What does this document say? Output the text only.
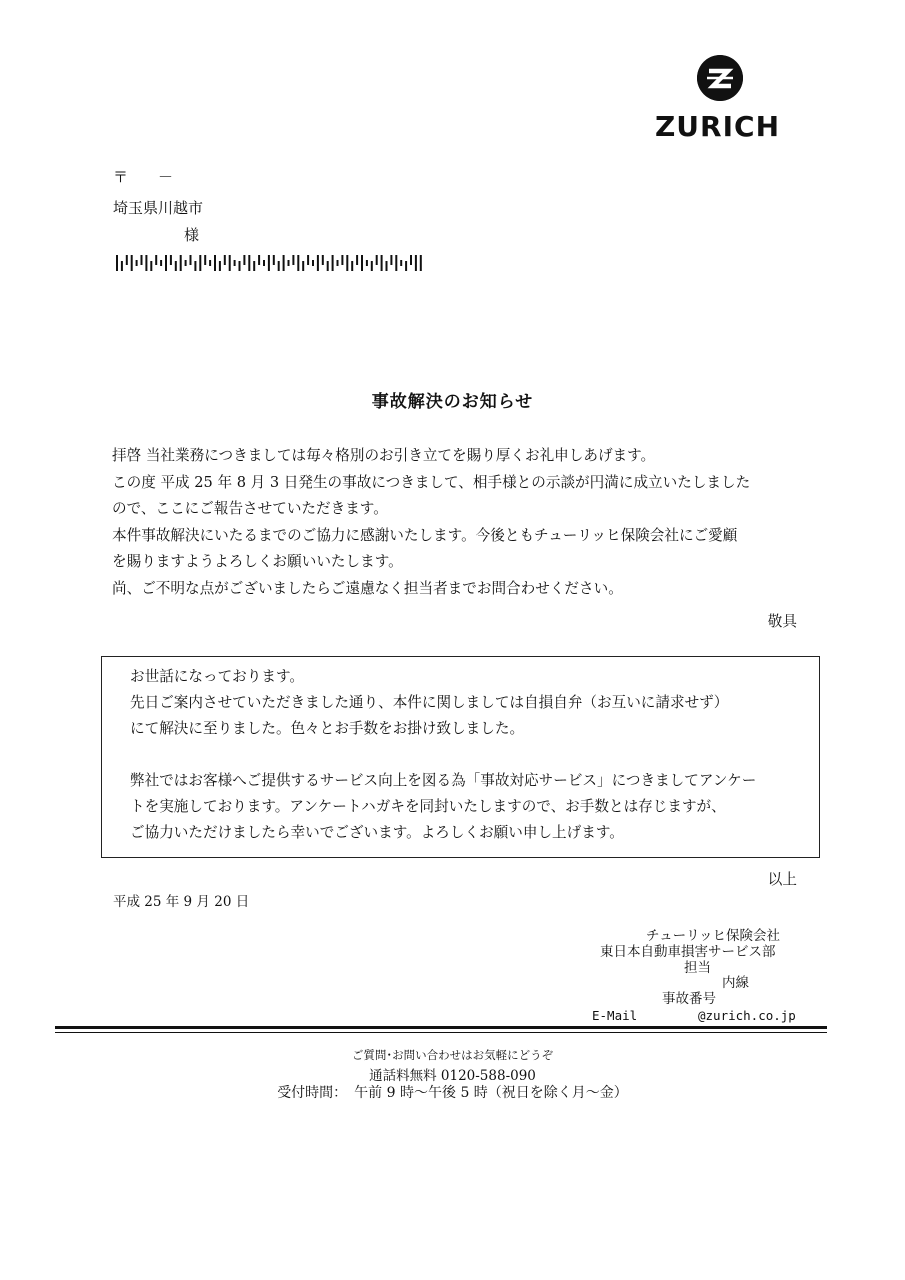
ZURICH
〒　　－
埼玉県川越市
様
事故解決のお知らせ
拝啓 当社業務につきましては毎々格別のお引き立てを賜り厚くお礼申しあげます。
この度 平成 25 年 8 月 3 日発生の事故につきまして、相手様との示談が円満に成立いたしました
ので、ここにご報告させていただきます。
本件事故解決にいたるまでのご協力に感謝いたします。今後ともチューリッヒ保険会社にご愛顧
を賜りますようよろしくお願いいたします。
尚、ご不明な点がございましたらご遠慮なく担当者までお問合わせください。
敬具
お世話になっております。
先日ご案内させていただきました通り、本件に関しましては自損自弁（お互いに請求せず）
にて解決に至りました。色々とお手数をお掛け致しました。
弊社ではお客様へご提供するサービス向上を図る為「事故対応サービス」につきましてアンケー
トを実施しております。アンケートハガキを同封いたしますので、お手数とは存じますが、
ご協力いただけましたら幸いでございます。よろしくお願い申し上げます。
以上
平成 25 年 9 月 20 日
チューリッヒ保険会社
東日本自動車損害サービス部
担当
内線
事故番号
E-Mail	@zurich.co.jp
ご質問･お問い合わせはお気軽にどうぞ
通話料無料 0120-588-090
受付時間：　午前 9 時～午後 5 時（祝日を除く月～金）
